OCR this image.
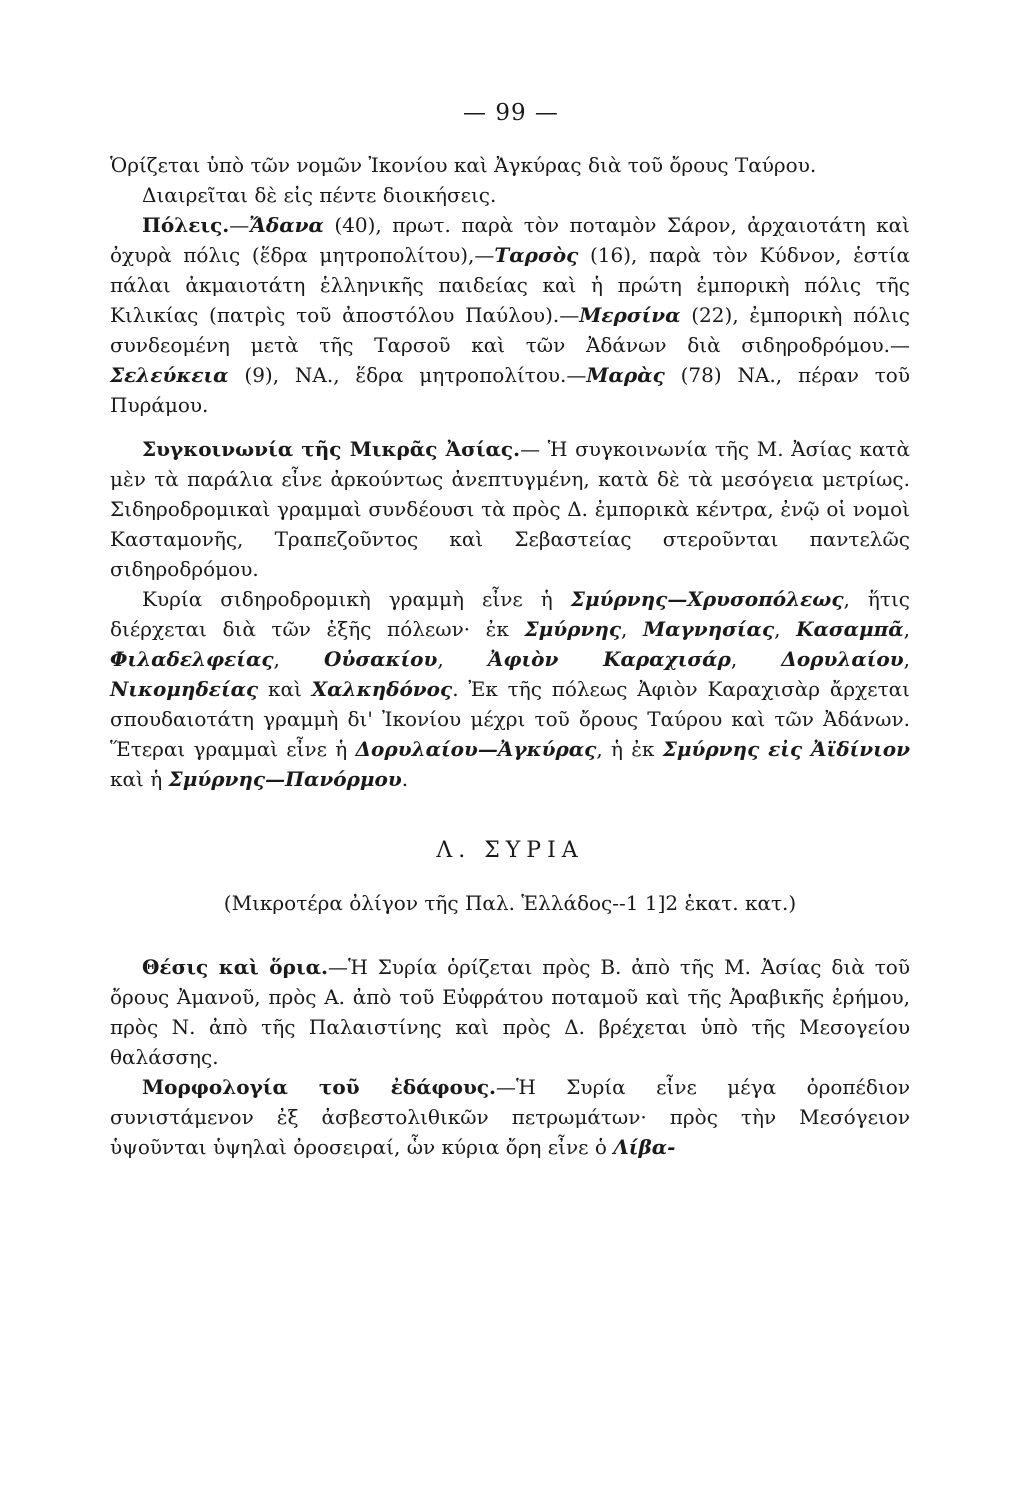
— 99 —

Ὁρίζεται ὑπὸ τῶν νομῶν Ἰκονίου καὶ Ἀγκύρας διὰ τοῦ ὄρους Ταύρου.

Διαιρεῖται δὲ εἰς πέντε διοικήσεις.

Πόλεις.—Ἄδανα (40), πρωτ. παρὰ τὸν ποταμὸν Σάρον, ἀρχαιοτάτη καὶ ὀχυρὰ πόλις (ἕδρα μητροπολίτου),—Ταρσὸς (16), παρὰ τὸν Κύδνον, ἑστία πάλαι ἀκμαιοτάτη ἑλληνικῆς παιδείας καὶ ἡ πρώτη ἐμπορικὴ πόλις τῆς Κιλικίας (πατρὶς τοῦ ἀποστόλου Παύλου).—Μερσίνα (22), ἐμπορικὴ πόλις συνδεομένη μετὰ τῆς Ταρσοῦ καὶ τῶν Ἀδάνων διὰ σιδηροδρόμου.— Σελεύκεια (9), ΝΑ., ἕδρα μητροπολίτου.—Μαρὰς (78) ΝΑ., πέραν τοῦ Πυράμου.

Συγκοινωνία τῆς Μικρᾶς Ἀσίας.— Ἡ συγκοινωνία τῆς Μ. Ἀσίας κατὰ μὲν τὰ παράλια εἶνε ἀρκούντως ἀνεπτυγμένη, κατὰ δὲ τὰ μεσόγεια μετρίως. Σιδηροδρομικαὶ γραμμαὶ συνδέουσι τὰ πρὸς Δ. ἐμπορικὰ κέντρα, ἐνῷ οἱ νομοὶ Κασταμονῆς, Τραπεζοῦντος καὶ Σεβαστείας στεροῦνται παντελῶς σιδηροδρόμου.

Κυρία σιδηροδρομικὴ γραμμὴ εἶνε ἡ Σμύρνης—Χρυσοπόλεως, ἥτις διέρχεται διὰ τῶν ἑξῆς πόλεων· ἐκ Σμύρνης, Μαγνησίας, Κασαμπᾶ, Φιλαδελφείας, Οὐσακίου, Ἀφιὸν Καραχισάρ, Δορυλαίου, Νικομηδείας καὶ Χαλκηδόνος. Ἐκ τῆς πόλεως Ἀφιὸν Καραχισὰρ ἄρχεται σπουδαιοτάτη γραμμὴ δι' Ἰκονίου μέχρι τοῦ ὄρους Ταύρου καὶ τῶν Ἀδάνων. Ἕτεραι γραμμαὶ εἶνε ἡ Δορυλαίου—Ἀγκύρας, ἡ ἐκ Σμύρνης εἰς Ἀϊδίνιον καὶ ἡ Σμύρνης—Πανόρμου.

Λ. ΣΥΡΙΑ
(Μικροτέρα ὀλίγον τῆς Παλ. Ἑλλάδος--1 1]2 ἑκατ. κατ.)

Θέσις καὶ ὅρια.—Ἡ Συρία ὁρίζεται πρὸς Β. ἀπὸ τῆς Μ. Ἀσίας διὰ τοῦ ὄρους Ἀμανοῦ, πρὸς Α. ἀπὸ τοῦ Εὐφράτου ποταμοῦ καὶ τῆς Ἀραβικῆς ἐρήμου, πρὸς Ν. ἀπὸ τῆς Παλαιστίνης καὶ πρὸς Δ. βρέχεται ὑπὸ τῆς Μεσογείου θαλάσσης.

Μορφολογία τοῦ ἐδάφους.—Ἡ Συρία εἶνε μέγα ὀροπέδιον συνιστάμενον ἐξ ἀσβεστολιθικῶν πετρωμάτων· πρὸς τὴν Μεσόγειον ὑψοῦνται ὑψηλαὶ ὀροσειραί, ὧν κύρια ὄρη εἶνε ὁ Λίβα-
